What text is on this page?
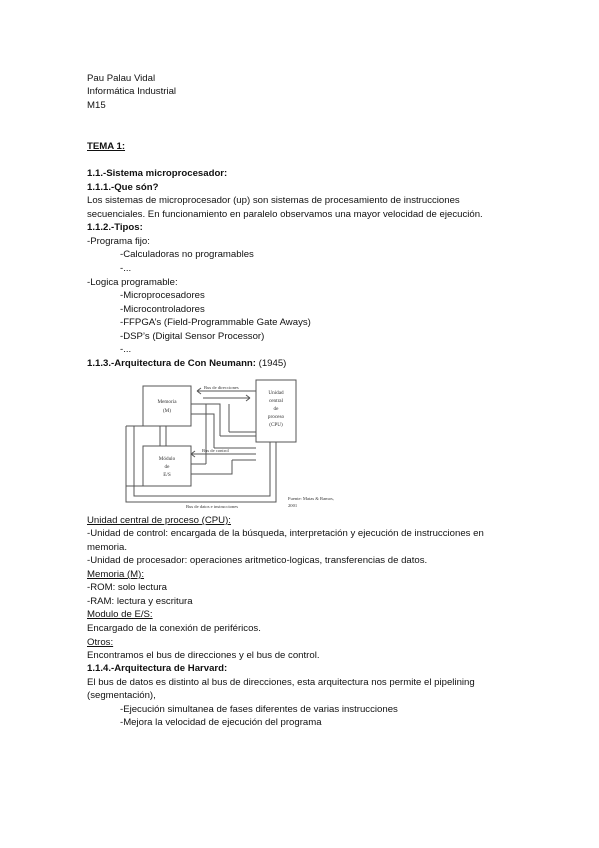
Pau Palau Vidal
Informática Industrial
M15
TEMA 1:
1.1.-Sistema microprocesador:
1.1.1.-Que són?
Los sistemas de microprocesador (up) son sistemas de procesamiento de instrucciones
secuenciales. En funcionamiento en paralelo observamos una mayor velocidad de ejecución.
1.1.2.-Tipos:
-Programa fijo:
-Calculadoras no programables
-...
-Logica programable:
-Microprocesadores
-Microcontroladores
-FFPGA’s (Field-Programmable Gate Aways)
-DSP’s (Digital Sensor Processor)
-...
1.1.3.-Arquitectura de Con Neumann: (1945)
Memoria
(M)
Unidad
central
de
proceso
(CPU)
Módulo
de
E/S
Bus de direcciones
Bus de control
Bus de datos e instrucciones
Fuente: Matas & Ramos,
2001
Unidad central de proceso (CPU):
-Unidad de control: encargada de la búsqueda, interpretación y ejecución de instrucciones en
memoria.
-Unidad de procesador: operaciones aritmetico-logicas, transferencias de datos.
Memoria (M):
-ROM: solo lectura
-RAM: lectura y escritura
Modulo de E/S:
Encargado de la conexión de periféricos.
Otros:
Encontramos el bus de direcciones y el bus de control.
1.1.4.-Arquitectura de Harvard:
El bus de datos es distinto al bus de direcciones, esta arquitectura nos permite el pipelining
(segmentación),
-Ejecución simultanea de fases diferentes de varias instrucciones
-Mejora la velocidad de ejecución del programa
